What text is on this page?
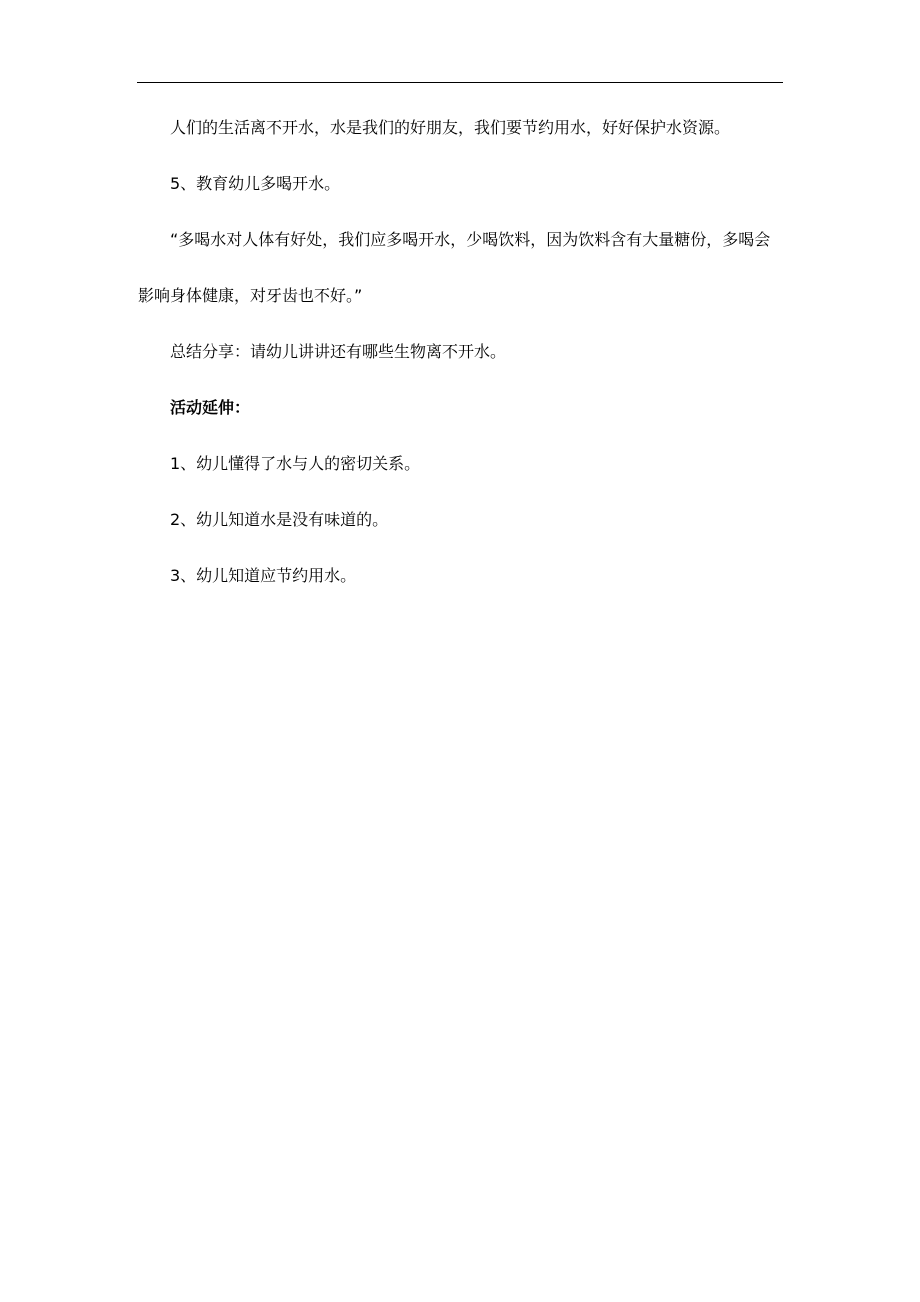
人们的生活离不开水，水是我们的好朋友，我们要节约用水，好好保护水资源。

5、教育幼儿多喝开水。

“多喝水对人体有好处，我们应多喝开水，少喝饮料，因为饮料含有大量糖份，多喝会影响身体健康，对牙齿也不好。”

总结分享：请幼儿讲讲还有哪些生物离不开水。

活动延伸：

1、幼儿懂得了水与人的密切关系。

2、幼儿知道水是没有味道的。

3、幼儿知道应节约用水。
